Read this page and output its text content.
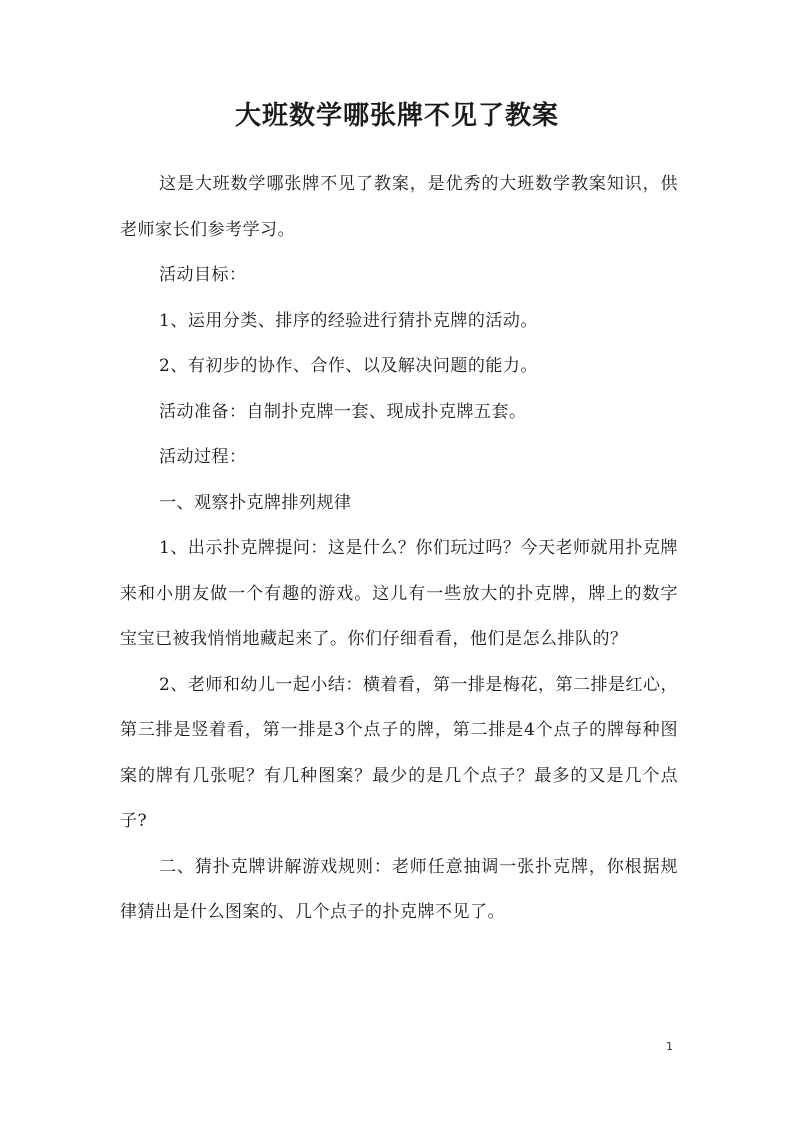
大班数学哪张牌不见了教案

这是大班数学哪张牌不见了教案，是优秀的大班数学教案知识，供老师家长们参考学习。

活动目标：

1、运用分类、排序的经验进行猜扑克牌的活动。

2、有初步的协作、合作、以及解决问题的能力。

活动准备：自制扑克牌一套、现成扑克牌五套。

活动过程：

一、观察扑克牌排列规律

1、出示扑克牌提问：这是什么？你们玩过吗？今天老师就用扑克牌来和小朋友做一个有趣的游戏。这儿有一些放大的扑克牌，牌上的数字宝宝已被我悄悄地藏起来了。你们仔细看看，他们是怎么排队的？

2、老师和幼儿一起小结：横着看，第一排是梅花，第二排是红心，第三排是竖着看，第一排是3个点子的牌，第二排是4个点子的牌每种图案的牌有几张呢？有几种图案？最少的是几个点子？最多的又是几个点子?

二、猜扑克牌讲解游戏规则：老师任意抽调一张扑克牌，你根据规律猜出是什么图案的、几个点子的扑克牌不见了。

1
